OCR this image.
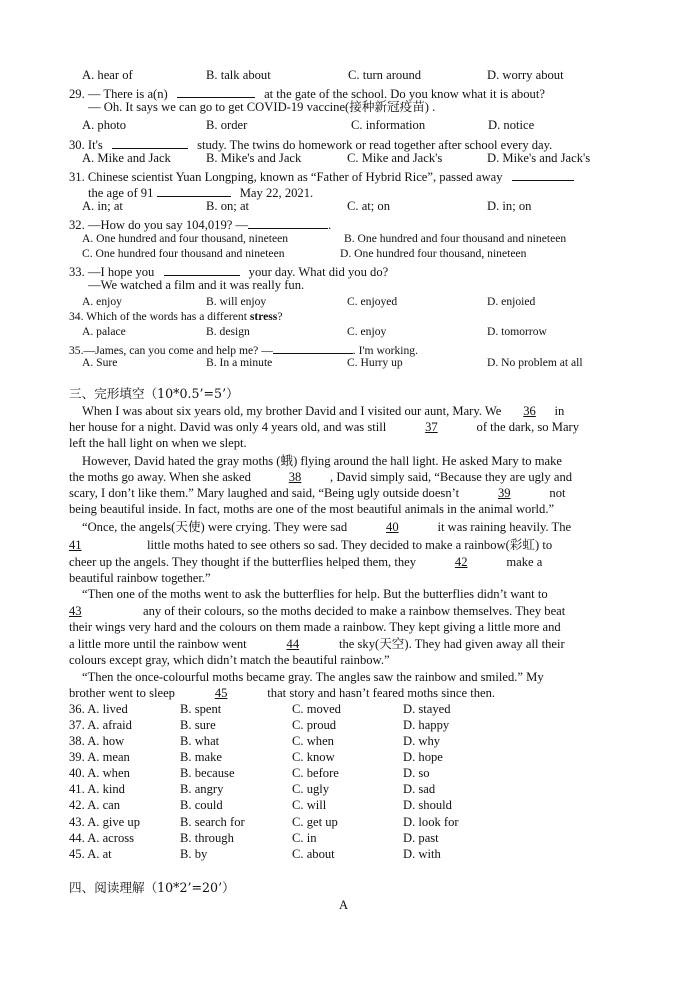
A. hear of	B. talk about	C. turn around	D. worry about
29. — There is a(n)	at the gate of the school. Do you know what it is about?
— Oh. It says we can go to get COVID-19 vaccine(接种新冠疫苗) .
A. photo	B. order	C. information	D. notice
30. It's	study. The twins do homework or read together after school every day.
A. Mike and Jack	B. Mike's and Jack	C. Mike and Jack's	D. Mike's and Jack's
31. Chinese scientist Yuan Longping, known as “Father of Hybrid Rice”, passed away
the age of 91	May 22, 2021.
A. in; at	B. on; at	C. at; on	D. in; on
32. —How do you say 104,019? —	.
A. One hundred and four thousand, nineteen	B. One hundred and four thousand and nineteen
C. One hundred four thousand and nineteen	D. One hundred four thousand, nineteen
33. —I hope you	your day. What did you do?
—We watched a film and it was really fun.
A. enjoy	B. will enjoy	C. enjoyed	D. enjoied
34. Which of the words has a different stress?
A. palace	B. design	C. enjoy	D. tomorrow
35.—James, can you come and help me? —	. I'm working.
A. Sure	B. In a minute	C. Hurry up	D. No problem at all
三、完形填空（10*0.5’=5’）
When I was about six years old, my brother David and I visited our aunt, Mary. We 36 in
her house for a night. David was only 4 years old, and was still	37	of the dark, so Mary
left the hall light on when we slept.
However, David hated the gray moths (蛾) flying around the hall light. He asked Mary to make
the moths go away. When she asked	38 , David simply said, “Because they are ugly and
scary, I don’t like them.” Mary laughed and said, “Being ugly outside doesn’t	39	not
being beautiful inside. In fact, moths are one of the most beautiful animals in the animal world.”
“Once, the angels(天使) were crying. They were sad	40	it was raining heavily. The
41	little moths hated to see others so sad. They decided to make a rainbow(彩虹) to
cheer up the angels. They thought if the butterflies helped them, they	42	make a
beautiful rainbow together.”
“Then one of the moths went to ask the butterflies for help. But the butterflies didn’t want to
43	any of their colours, so the moths decided to make a rainbow themselves. They beat
their wings very hard and the colours on them made a rainbow. They kept giving a little more and
a little more until the rainbow went	44	the sky(天空). They had given away all their
colours except gray, which didn’t match the beautiful rainbow.”
“Then the once-colourful moths became gray. The angles saw the rainbow and smiled.” My
brother went to sleep	45	that story and hasn’t feared moths since then.
36. A. lived	B. spent	C. moved	D. stayed
37. A. afraid	B. sure	C. proud	D. happy
38. A. how	B. what	C. when	D. why
39. A. mean	B. make	C. know	D. hope
40. A. when	B. because	C. before	D. so
41. A. kind	B. angry	C. ugly	D. sad
42. A. can	B. could	C. will	D. should
43. A. give up	B. search for	C. get up	D. look for
44. A. across	B. through	C. in	D. past
45. A. at	B. by	C. about	D. with
四、阅读理解（10*2’=20’）
A
